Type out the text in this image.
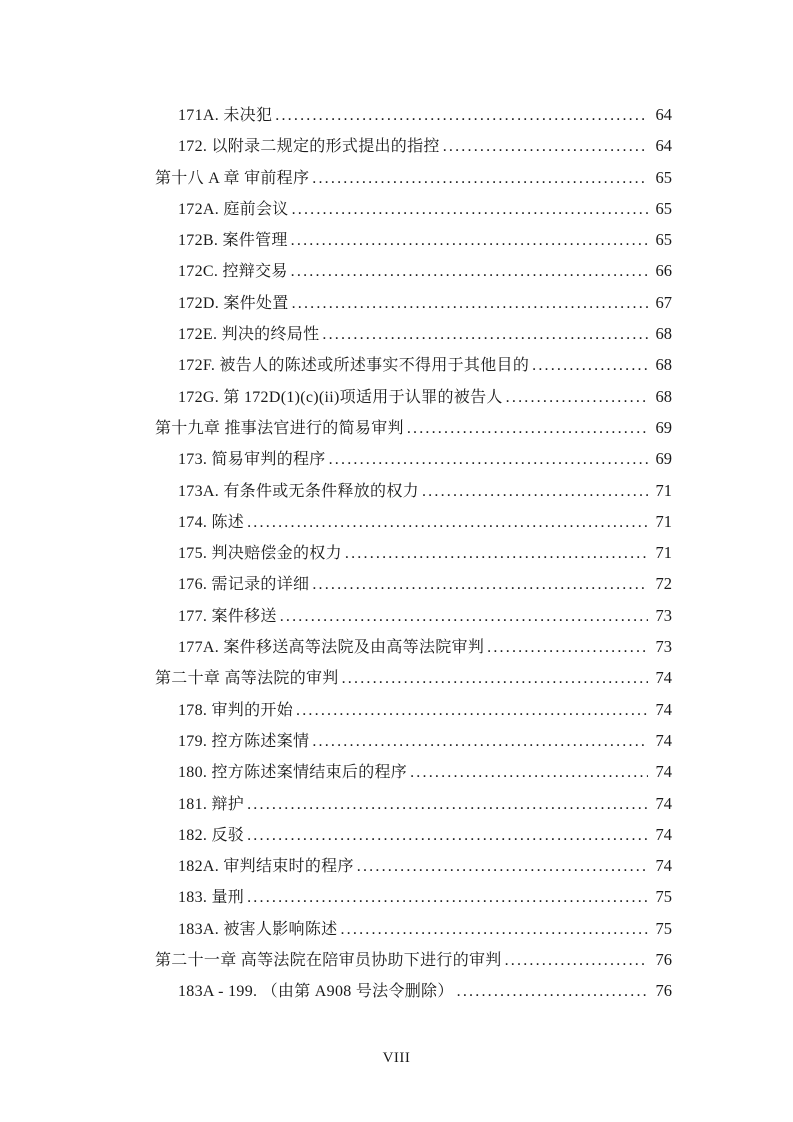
171A. 未决犯 .....	64
172. 以附录二规定的形式提出的指控 .....	64
第十八 A 章 审前程序 .....	65
172A. 庭前会议 .....	65
172B. 案件管理 .....	65
172C. 控辩交易 .....	66
172D. 案件处置 .....	67
172E. 判决的终局性 .....	68
172F. 被告人的陈述或所述事实不得用于其他目的 .....	68
172G. 第 172D(1)(c)(ii)项适用于认罪的被告人 .....	68
第十九章 推事法官进行的简易审判 .....	69
173. 简易审判的程序 .....	69
173A. 有条件或无条件释放的权力 .....	71
174. 陈述 .....	71
175. 判决赔偿金的权力 .....	71
176. 需记录的详细 .....	72
177. 案件移送 .....	73
177A. 案件移送高等法院及由高等法院审判 .....	73
第二十章 高等法院的审判 .....	74
178. 审判的开始 .....	74
179. 控方陈述案情 .....	74
180. 控方陈述案情结束后的程序 .....	74
181. 辩护 .....	74
182. 反驳 .....	74
182A. 审判结束时的程序 .....	74
183. 量刑 .....	75
183A. 被害人影响陈述 .....	75
第二十一章 高等法院在陪审员协助下进行的审判 .....	76
183A - 199. （由第 A908 号法令删除） .....	76
VIII
